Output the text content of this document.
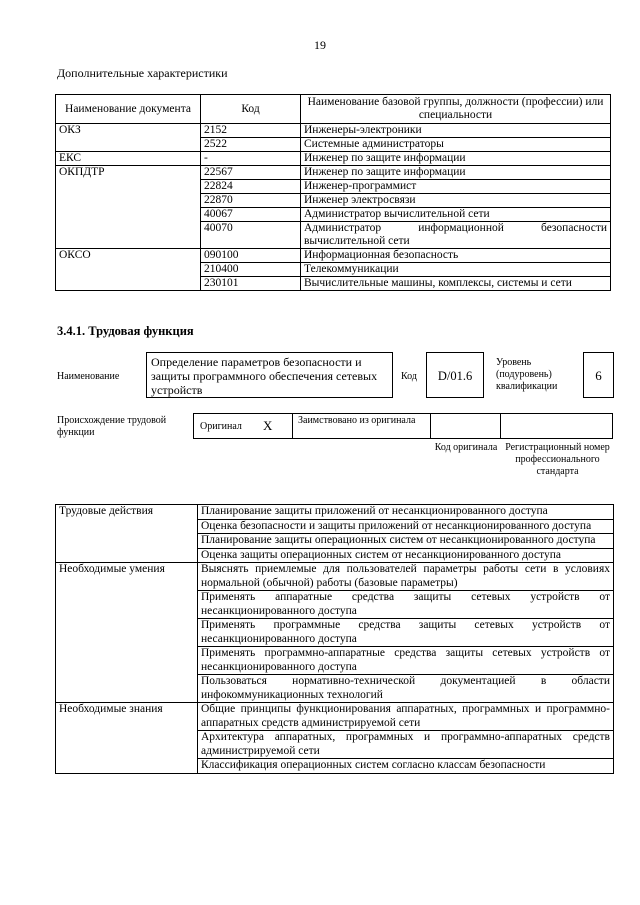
19
Дополнительные характеристики
Наименование документа	Код	Наименование базовой группы, должности (профессии) или специальности
ОКЗ	2152	Инженеры-электроники
	2522	Системные администраторы
ЕКС	-	Инженер по защите информации
ОКПДТР	22567	Инженер по защите информации
	22824	Инженер-программист
	22870	Инженер электросвязи
	40067	Администратор вычислительной сети
	40070	Администратор информационной безопасности вычислительной сети
ОКСО	090100	Информационная безопасность
	210400	Телекоммуникации
	230101	Вычислительные машины, комплексы, системы и сети
3.4.1. Трудовая функция
Наименование
Определение параметров безопасности и защиты программного обеспечения сетевых устройств
Код	D/01.6
Уровень (подуровень) квалификации
6
Происхождение трудовой функции
Оригинал X	Заимствовано из оригинала
Код оригинала Регистрационный номер профессионального стандарта
Трудовые действия	Планирование защиты приложений от несанкционированного доступа
	Оценка безопасности и защиты приложений от несанкционированного доступа
	Планирование защиты операционных систем от несанкционированного доступа
	Оценка защиты операционных систем от несанкционированного доступа
Необходимые умения	Выяснять приемлемые для пользователей параметры работы сети в условиях нормальной (обычной) работы (базовые параметры)
	Применять аппаратные средства защиты сетевых устройств от несанкционированного доступа
	Применять программные средства защиты сетевых устройств от несанкционированного доступа
	Применять программно-аппаратные средства защиты сетевых устройств от несанкционированного доступа
	Пользоваться нормативно-технической документацией в области инфокоммуникационных технологий
Необходимые знания	Общие принципы функционирования аппаратных, программных и программно-аппаратных средств администрируемой сети
	Архитектура аппаратных, программных и программно-аппаратных средств администрируемой сети
	Классификация операционных систем согласно классам безопасности
